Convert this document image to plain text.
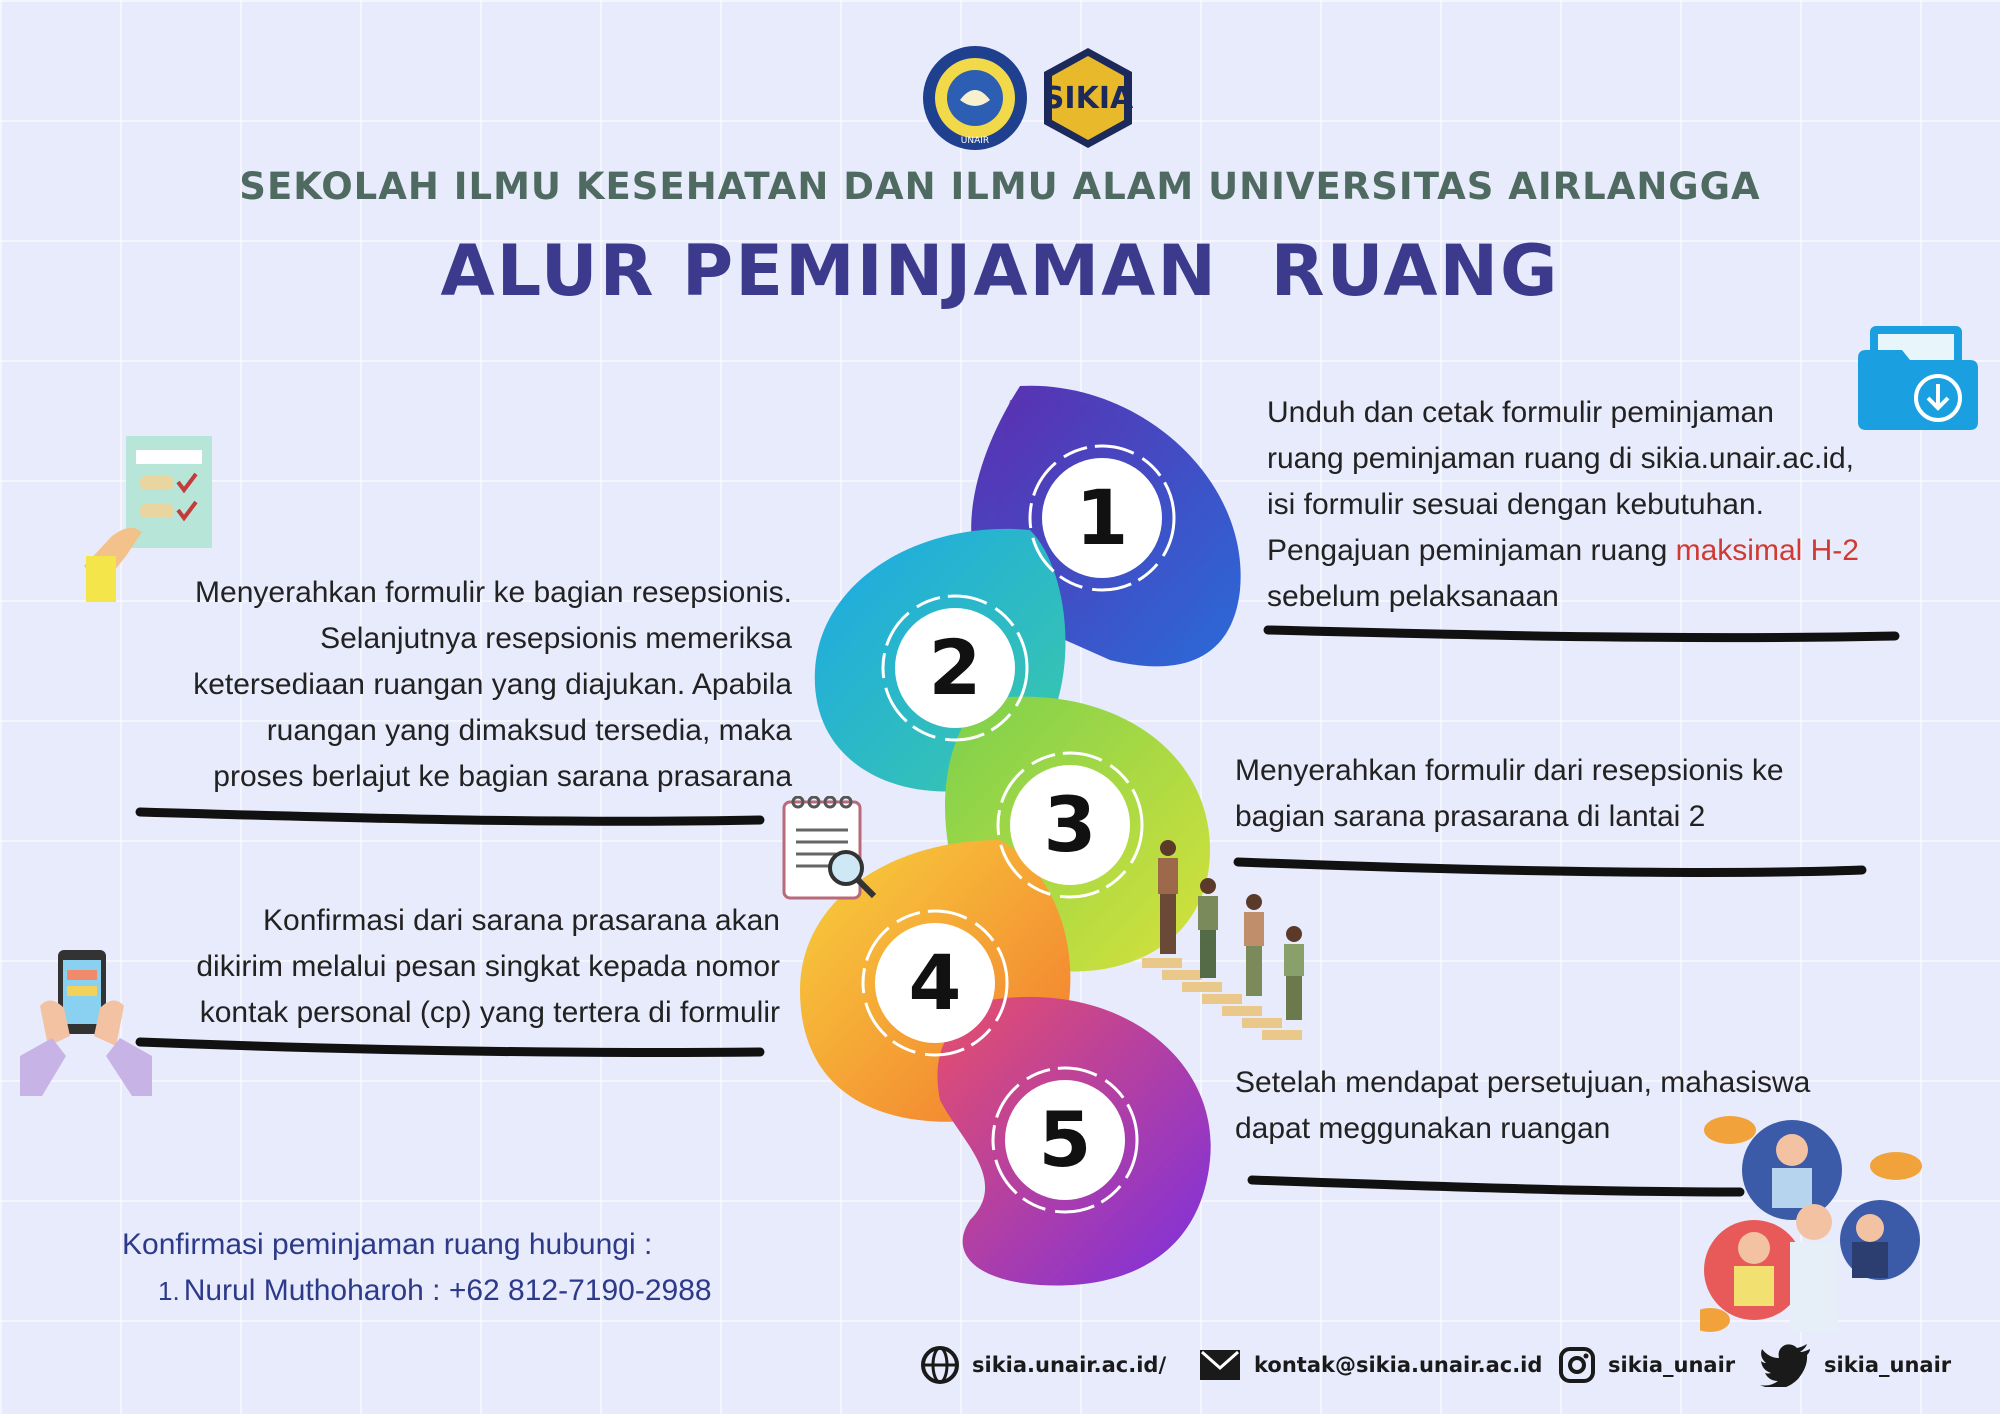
UNAIR
SIKIA
SEKOLAH ILMU KESEHATAN DAN ILMU ALAM UNIVERSITAS AIRLANGGA
ALUR PEMINJAMAN  RUANG
1
2
3
4
5
Unduh dan cetak formulir peminjaman
ruang peminjaman ruang di sikia.unair.ac.id,
isi formulir sesuai dengan kebutuhan.
Pengajuan peminjaman ruang maksimal H-2
sebelum pelaksanaan
Menyerahkan formulir ke bagian resepsionis.
Selanjutnya resepsionis memeriksa
ketersediaan ruangan yang diajukan. Apabila
ruangan yang dimaksud tersedia, maka
proses berlajut ke bagian sarana prasarana	Menyerahkan formulir dari resepsionis ke
bagian sarana prasarana di lantai 2
Konfirmasi dari sarana prasarana akan
dikirim melalui pesan singkat kepada nomor
kontak personal (cp) yang tertera di formulir
Setelah mendapat persetujuan, mahasiswa
dapat meggunakan ruangan
Konfirmasi peminjaman ruang hubungi :
1. Nurul Muthoharoh : +62 812-7190-2988
sikia.unair.ac.id/	kontak@sikia.unair.ac.id	sikia_unair	sikia_unair
